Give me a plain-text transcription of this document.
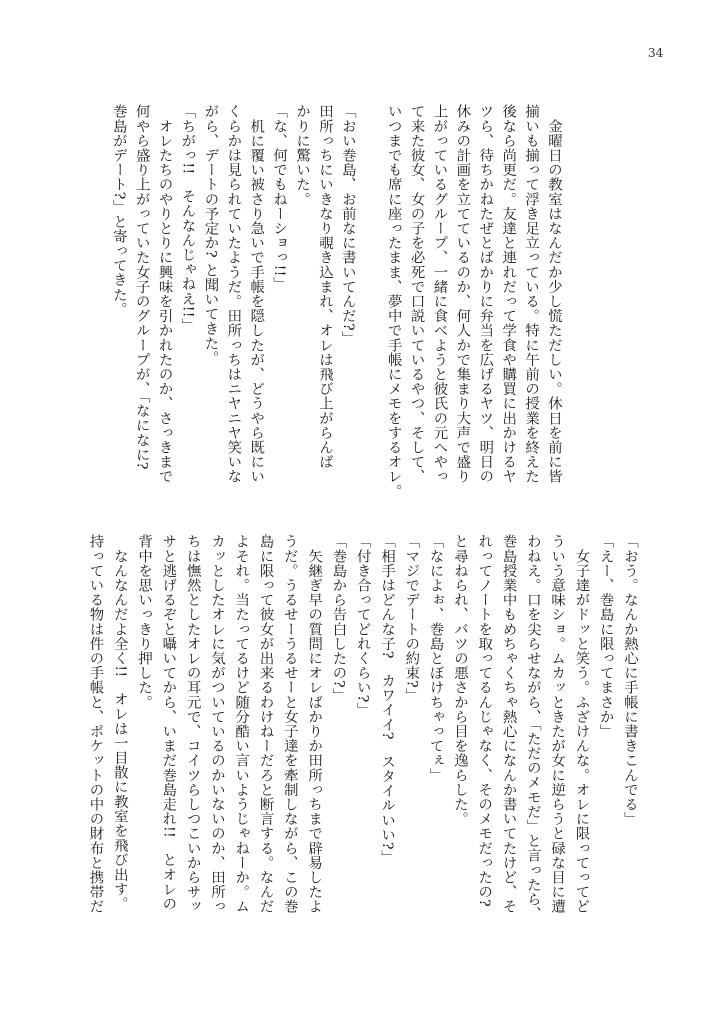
34
　金曜日の教室はなんだか少し慌ただしい。休日を前に皆
揃いも揃って浮き足立っている。特に午前の授業を終えた
後なら尚更だ。友達と連れだって学食や購買に出かけるヤ
ツら、待ちかねたぜとばかりに弁当を広げるヤツ、明日の
休みの計画を立てているのか、何人かで集まり大声で盛り
上がっているグループ、一緒に食べようと彼氏の元へやっ
て来た彼女、女の子を必死で口説いているやつ、そして、
いつまでも席に座ったまま、夢中で手帳にメモをするオレ。

「おい巻島、お前なに書いてんだ?」
田所っちにいきなり覗き込まれ、オレは飛び上がらんば
かりに驚いた。
「な、何でもねーショっ!!」
　机に覆い被さり急いで手帳を隠したが、どうやら既にい
くらかは見られていたようだ。田所っちはニヤニヤ笑いな
がら、デートの予定か? と聞いてきた。
「ちがっ!!　そんなんじゃねえ!!」
　オレたちのやりとりに興味を引かれたのか、さっきまで
何やら盛り上がっていた女子のグループが、「なになに?
巻島がデート?」と寄ってきた。
「おう。なんか熱心に手帳に書きこんでる」
「えー、巻島に限ってまさか」
　女子達がドッと笑う。ふざけんな。オレに限ってってど
ういう意味ショ。ムカッときたが女に逆らうと碌な目に遭
わねえ。口を尖らせながら、「ただのメモだ」と言ったら、
巻島授業中もめちゃくちゃ熱心になんか書いてたけど、そ
れってノートを取ってるんじゃなく、そのメモだったの?
と尋ねられ、バツの悪さから目を逸らした。
「なによぉ、巻島とぼけちゃってぇ」
「マジでデートの約束?」
「相手はどんな子?　カワイイ?　スタイルいい?」
「付き合ってどれくらい?」
「巻島から告白したの?」
　矢継ぎ早の質問にオレばかりか田所っちまで辟易したよ
うだ。うるせーうるせーと女子達を牽制しながら、この巻
島に限って彼女が出来るわけねーだろと断言する。なんだ
よそれ。当たってるけど随分酷い言いようじゃねーか。ム
カッとしたオレに気がついているのかいないのか、田所っ
ちは憮然としたオレの耳元で、コイツらしつこいからサッ
サと逃げるぞと囁いてから、いまだ巻島走れ!!　とオレの
背中を思いっきり押した。
　なんなんだよ全く!!　オレは一目散に教室を飛び出す。
持っている物は件の手帳と、ポケットの中の財布と携帯だ
